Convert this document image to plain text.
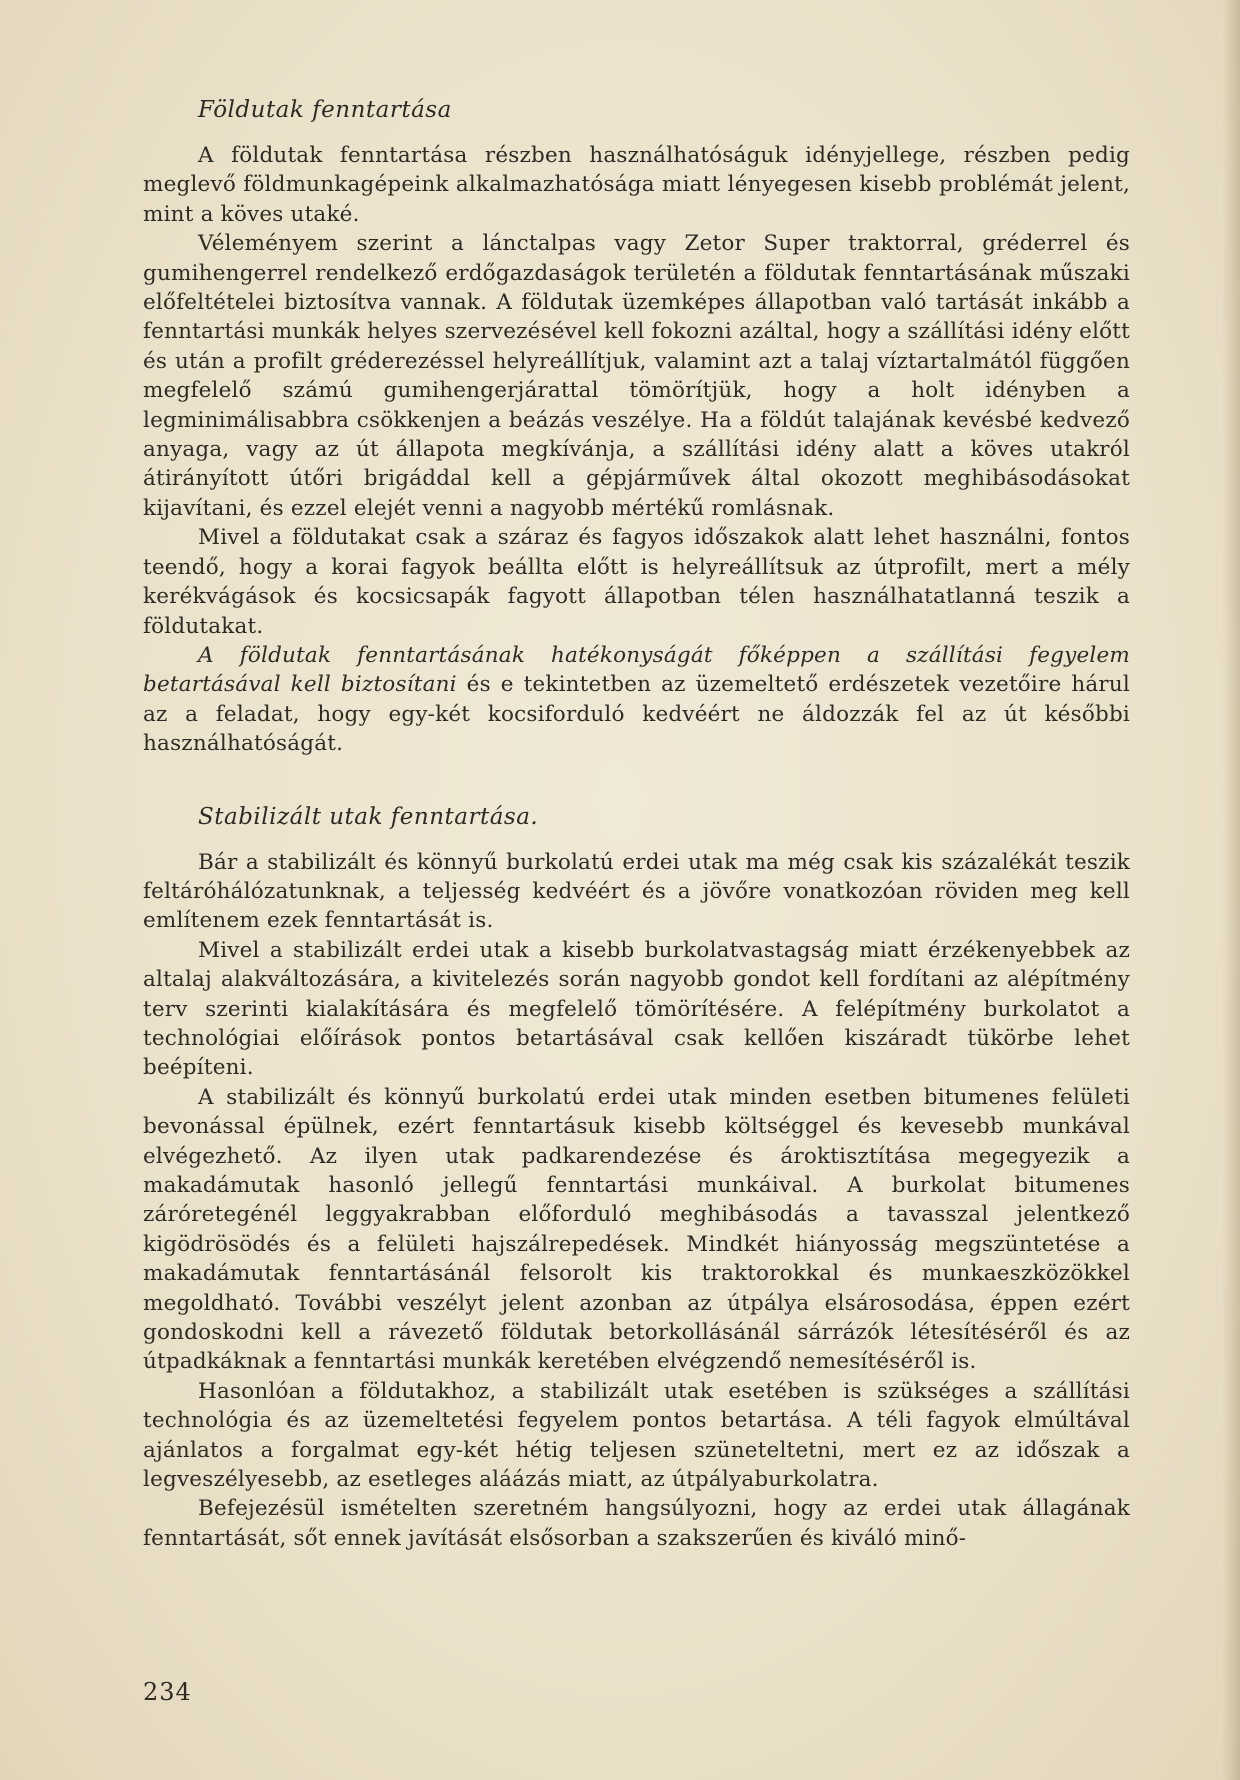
Földutak fenntartása

A földutak fenntartása részben használhatóságuk idényjellege, részben pedig meglevő földmunkagépeink alkalmazhatósága miatt lényegesen kisebb problémát jelent, mint a köves utaké.

Véleményem szerint a lánctalpas vagy Zetor Super traktorral, gréderrel és gumihengerrel rendelkező erdőgazdaságok területén a földutak fenntartásának műszaki előfeltételei biztosítva vannak. A földutak üzemképes állapotban való tartását inkább a fenntartási munkák helyes szervezésével kell fokozni azáltal, hogy a szállítási idény előtt és után a profilt gréderezéssel helyreállítjuk, valamint azt a talaj víztartalmától függően megfelelő számú gumihengerjárattal tömörítjük, hogy a holt idényben a legminimálisabbra csökkenjen a beázás veszélye. Ha a földút talajának kevésbé kedvező anyaga, vagy az út állapota megkívánja, a szállítási idény alatt a köves utakról átirányított útőri brigáddal kell a gépjárművek által okozott meghibásodásokat kijavítani, és ezzel elejét venni a nagyobb mértékű romlásnak.

Mivel a földutakat csak a száraz és fagyos időszakok alatt lehet használni, fontos teendő, hogy a korai fagyok beállta előtt is helyreállítsuk az útprofilt, mert a mély kerékvágások és kocsicsapák fagyott állapotban télen használhatatlanná teszik a földutakat.

A földutak fenntartásának hatékonyságát főképpen a szállítási fegyelem betartásával kell biztosítani és e tekintetben az üzemeltető erdészetek vezetőire hárul az a feladat, hogy egy-két kocsiforduló kedvéért ne áldozzák fel az út későbbi használhatóságát.

Stabilizált utak fenntartása.

Bár a stabilizált és könnyű burkolatú erdei utak ma még csak kis százalékát teszik feltáróhálózatunknak, a teljesség kedvéért és a jövőre vonatkozóan röviden meg kell említenem ezek fenntartását is.

Mivel a stabilizált erdei utak a kisebb burkolatvastagság miatt érzékenyebbek az altalaj alakváltozására, a kivitelezés során nagyobb gondot kell fordítani az alépítmény terv szerinti kialakítására és megfelelő tömörítésére. A felépítmény burkolatot a technológiai előírások pontos betartásával csak kellően kiszáradt tükörbe lehet beépíteni.

A stabilizált és könnyű burkolatú erdei utak minden esetben bitumenes felületi bevonással épülnek, ezért fenntartásuk kisebb költséggel és kevesebb munkával elvégezhető. Az ilyen utak padkarendezése és ároktisztítása megegyezik a makadámutak hasonló jellegű fenntartási munkáival. A burkolat bitumenes záróretegénél leggyakrabban előforduló meghibásodás a tavasszal jelentkező kigödrösödés és a felületi hajszálrepedések. Mindkét hiányosság megszüntetése a makadámutak fenntartásánál felsorolt kis traktorokkal és munkaeszközökkel megoldható. További veszélyt jelent azonban az útpálya elsárosodása, éppen ezért gondoskodni kell a rávezető földutak betorkollásánál sárrázók létesítéséről és az útpadkáknak a fenntartási munkák keretében elvégzendő nemesítéséről is.

Hasonlóan a földutakhoz, a stabilizált utak esetében is szükséges a szállítási technológia és az üzemeltetési fegyelem pontos betartása. A téli fagyok elmúltával ajánlatos a forgalmat egy-két hétig teljesen szüneteltetni, mert ez az időszak a legveszélyesebb, az esetleges aláázás miatt, az útpályaburkolatra.

Befejezésül ismételten szeretném hangsúlyozni, hogy az erdei utak állagának fenntartását, sőt ennek javítását elsősorban a szakszerűen és kiváló minő-

234
